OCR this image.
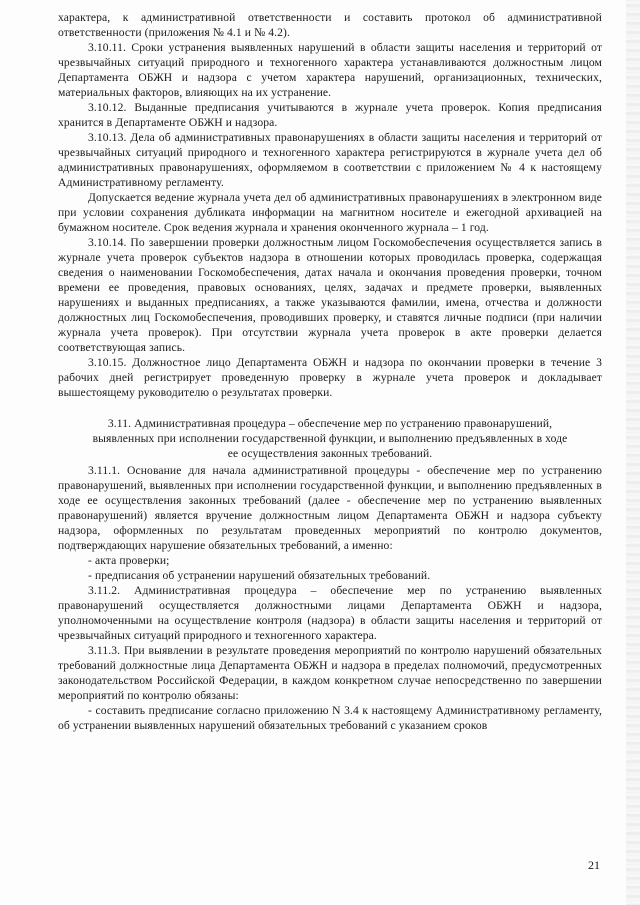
характера, к административной ответственности и составить протокол об административной ответственности (приложения № 4.1 и № 4.2).

3.10.11. Сроки устранения выявленных нарушений в области защиты населения и территорий от чрезвычайных ситуаций природного и техногенного характера устанавливаются должностным лицом Департамента ОБЖН и надзора с учетом характера нарушений, организационных, технических, материальных факторов, влияющих на их устранение.

3.10.12. Выданные предписания учитываются в журнале учета проверок. Копия предписания хранится в Департаменте ОБЖН и надзора.

3.10.13. Дела об административных правонарушениях в области защиты населения и территорий от чрезвычайных ситуаций природного и техногенного характера регистрируются в журнале учета дел об административных правонарушениях, оформляемом в соответствии с приложением № 4 к настоящему Административному регламенту.

Допускается ведение журнала учета дел об административных правонарушениях в электронном виде при условии сохранения дубликата информации на магнитном носителе и ежегодной архивацией на бумажном носителе. Срок ведения журнала и хранения оконченного журнала – 1 год.

3.10.14. По завершении проверки должностным лицом Госкомобеспечения осуществляется запись в журнале учета проверок субъектов надзора в отношении которых проводилась проверка, содержащая сведения о наименовании Госкомобеспечения, датах начала и окончания проведения проверки, точном времени ее проведения, правовых основаниях, целях, задачах и предмете проверки, выявленных нарушениях и выданных предписаниях, а также указываются фамилии, имена, отчества и должности должностных лиц Госкомобеспечения, проводивших проверку, и ставятся личные подписи (при наличии журнала учета проверок). При отсутствии журнала учета проверок в акте проверки делается соответствующая запись.

3.10.15. Должностное лицо Департамента ОБЖН и надзора по окончании проверки в течение 3 рабочих дней регистрирует проведенную проверку в журнале учета проверок и докладывает вышестоящему руководителю о результатах проверки.

3.11. Административная процедура – обеспечение мер по устранению правонарушений, выявленных при исполнении государственной функции, и выполнению предъявленных в ходе ее осуществления законных требований.

3.11.1. Основание для начала административной процедуры - обеспечение мер по устранению правонарушений, выявленных при исполнении государственной функции, и выполнению предъявленных в ходе ее осуществления законных требований (далее - обеспечение мер по устранению выявленных правонарушений) является вручение должностным лицом Департамента ОБЖН и надзора субъекту надзора, оформленных по результатам проведенных мероприятий по контролю документов, подтверждающих нарушение обязательных требований, а именно:

- акта проверки;

- предписания об устранении нарушений обязательных требований.

3.11.2. Административная процедура – обеспечение мер по устранению выявленных правонарушений осуществляется должностными лицами Департамента ОБЖН и надзора, уполномоченными на осуществление контроля (надзора) в области защиты населения и территорий от чрезвычайных ситуаций природного и техногенного характера.

3.11.3. При выявлении в результате проведения мероприятий по контролю нарушений обязательных требований должностные лица Департамента ОБЖН и надзора в пределах полномочий, предусмотренных законодательством Российской Федерации, в каждом конкретном случае непосредственно по завершении мероприятий по контролю обязаны:

- составить предписание согласно приложению N 3.4 к настоящему Административному регламенту, об устранении выявленных нарушений обязательных требований с указанием сроков

21
